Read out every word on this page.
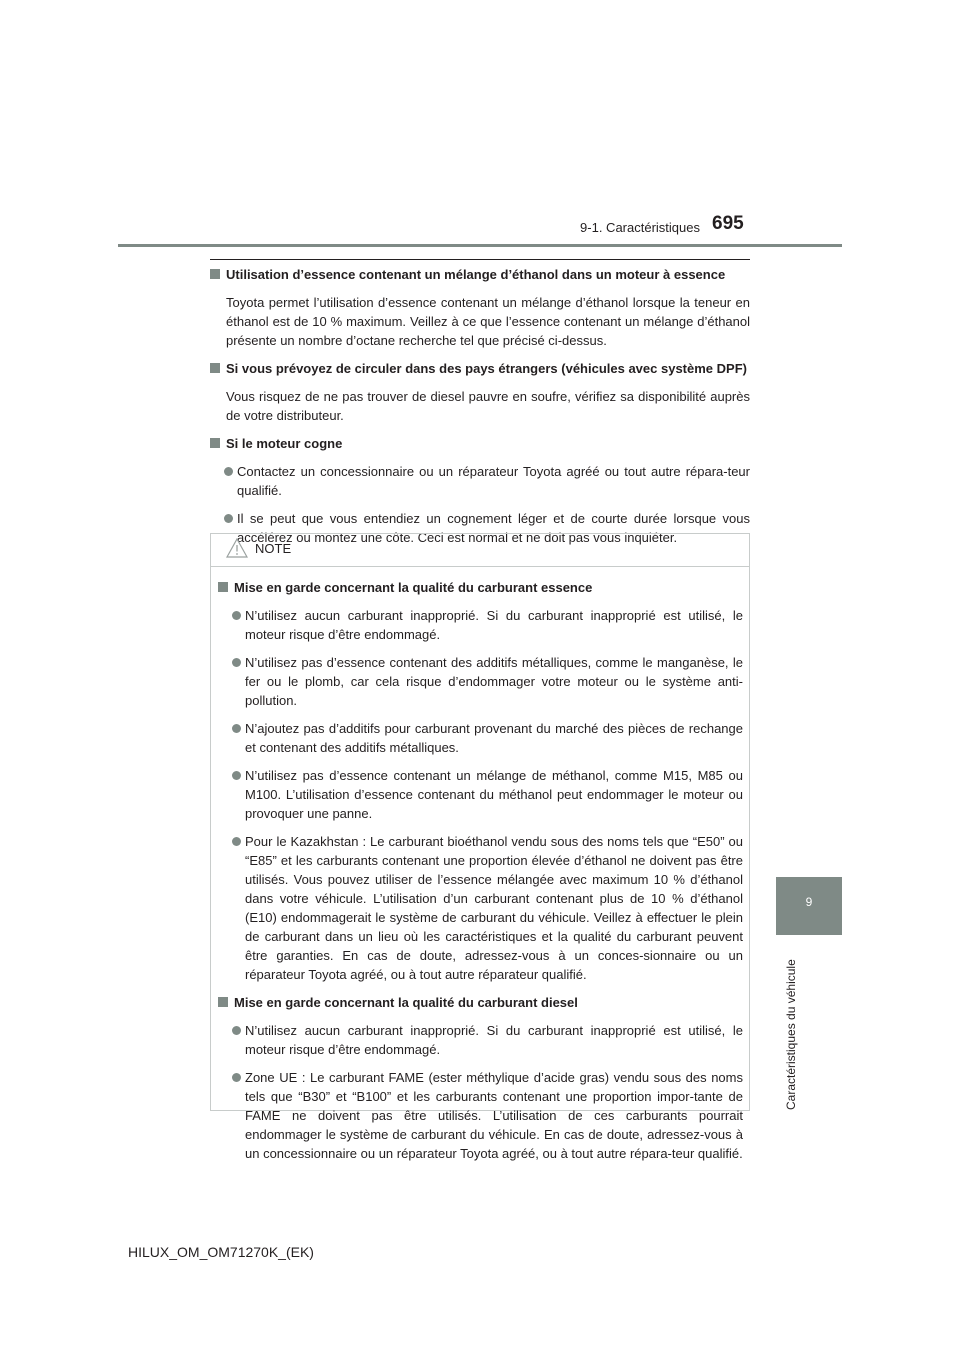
9-1. Caractéristiques 695
9
Caractéristiques du véhicule
Utilisation d’essence contenant un mélange d’éthanol dans un moteur à essence
Toyota permet l’utilisation d’essence contenant un mélange d’éthanol lorsque la teneur en éthanol est de 10 % maximum. Veillez à ce que l’essence contenant un mélange d’éthanol présente un nombre d’octane recherche tel que précisé ci-dessus.
Si vous prévoyez de circuler dans des pays étrangers (véhicules avec système DPF)
Vous risquez de ne pas trouver de diesel pauvre en soufre, vérifiez sa disponibilité auprès de votre distributeur.
Si le moteur cogne
Contactez un concessionnaire ou un réparateur Toyota agréé ou tout autre répara-teur qualifié.
Il se peut que vous entendiez un cognement léger et de courte durée lorsque vous accélérez ou montez une côte. Ceci est normal et ne doit pas vous inquiéter.
NOTE
Mise en garde concernant la qualité du carburant essence
N’utilisez aucun carburant inapproprié. Si du carburant inapproprié est utilisé, le moteur risque d’être endommagé.
N’utilisez pas d’essence contenant des additifs métalliques, comme le manganèse, le fer ou le plomb, car cela risque d’endommager votre moteur ou le système anti-pollution.
N’ajoutez pas d’additifs pour carburant provenant du marché des pièces de rechange et contenant des additifs métalliques.
N’utilisez pas d’essence contenant un mélange de méthanol, comme M15, M85 ou M100. L’utilisation d’essence contenant du méthanol peut endommager le moteur ou provoquer une panne.
Pour le Kazakhstan : Le carburant bioéthanol vendu sous des noms tels que “E50” ou “E85” et les carburants contenant une proportion élevée d’éthanol ne doivent pas être utilisés. Vous pouvez utiliser de l’essence mélangée avec maximum 10 % d’éthanol dans votre véhicule. L’utilisation d’un carburant contenant plus de 10 % d’éthanol (E10) endommagerait le système de carburant du véhicule. Veillez à effectuer le plein de carburant dans un lieu où les caractéristiques et la qualité du carburant peuvent être garanties. En cas de doute, adressez-vous à un conces-sionnaire ou un réparateur Toyota agréé, ou à tout autre réparateur qualifié.
Mise en garde concernant la qualité du carburant diesel
N’utilisez aucun carburant inapproprié. Si du carburant inapproprié est utilisé, le moteur risque d’être endommagé.
Zone UE : Le carburant FAME (ester méthylique d’acide gras) vendu sous des noms tels que “B30” et “B100” et les carburants contenant une proportion impor-tante de FAME ne doivent pas être utilisés. L’utilisation de ces carburants pourrait endommager le système de carburant du véhicule. En cas de doute, adressez-vous à un concessionnaire ou un réparateur Toyota agréé, ou à tout autre répara-teur qualifié.
HILUX_OM_OM71270K_(EK)
